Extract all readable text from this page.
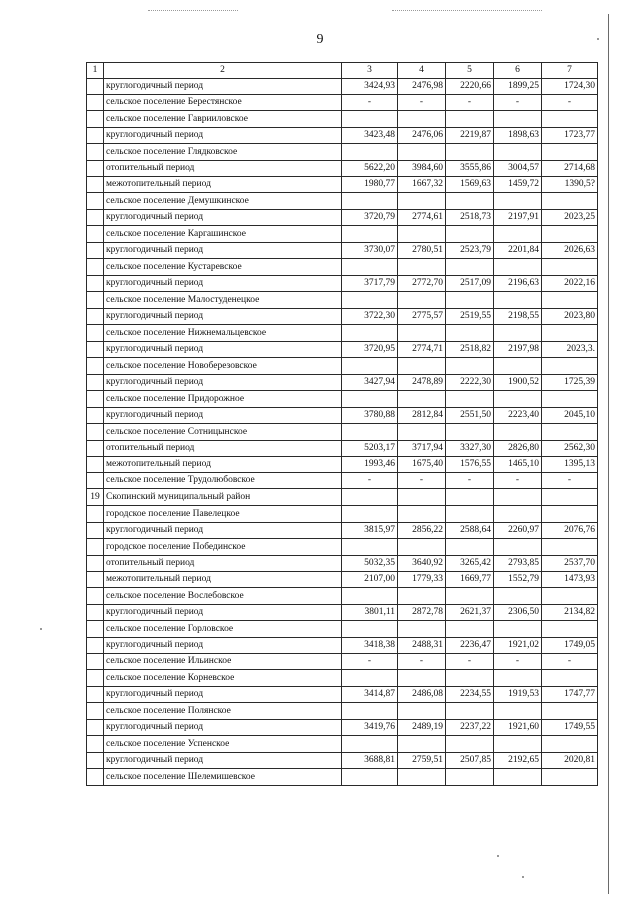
9
1	2	3	4	5	6	7
	круглогодичный период	3424,93	2476,98	2220,66	1899,25	1724,30
	сельское поселение Берестянское	-	-	-	-	-
	сельское поселение Гаврииловское					
	круглогодичный период	3423,48	2476,06	2219,87	1898,63	1723,77
	сельское поселение Глядковское					
	отопительный период	5622,20	3984,60	3555,86	3004,57	2714,68
	межотопительный период	1980,77	1667,32	1569,63	1459,72	1390,5?
	сельское поселение Демушкинское					
	круглогодичный период	3720,79	2774,61	2518,73	2197,91	2023,25
	сельское поселение Каргашинское					
	круглогодичный период	3730,07	2780,51	2523,79	2201,84	2026,63
	сельское поселение Кустаревское					
	круглогодичный период	3717,79	2772,70	2517,09	2196,63	2022,16
	сельское поселение Малостуденецкое					
	круглогодичный период	3722,30	2775,57	2519,55	2198,55	2023,80
	сельское поселение Нижнемальцевское					
	круглогодичный период	3720,95	2774,71	2518,82	2197,98	2023,3.
	сельское поселение Новоберезовское					
	круглогодичный период	3427,94	2478,89	2222,30	1900,52	1725,39
	сельское поселение Придорожное					
	круглогодичный период	3780,88	2812,84	2551,50	2223,40	2045,10
	сельское поселение Сотницынское					
	отопительный период	5203,17	3717,94	3327,30	2826,80	2562,30
	межотопительный период	1993,46	1675,40	1576,55	1465,10	1395,13
	сельское поселение Трудолюбовское	-	-	-	-	-
19	Скопинский муниципальный район					
	городское поселение Павелецкое					
	круглогодичный период	3815,97	2856,22	2588,64	2260,97	2076,76
	городское поселение Побединское					
	отопительный период	5032,35	3640,92	3265,42	2793,85	2537,70
	межотопительный период	2107,00	1779,33	1669,77	1552,79	1473,93
	сельское поселение Вослебовское					
	круглогодичный период	3801,11	2872,78	2621,37	2306,50	2134,82
	сельское поселение Горловское					
	круглогодичный период	3418,38	2488,31	2236,47	1921,02	1749,05
	сельское поселение Ильинское	-	-	-	-	-
	сельское поселение Корневское					
	круглогодичный период	3414,87	2486,08	2234,55	1919,53	1747,77
	сельское поселение Полянское					
	круглогодичный период	3419,76	2489,19	2237,22	1921,60	1749,55
	сельское поселение Успенское					
	круглогодичный период	3688,81	2759,51	2507,85	2192,65	2020,81
	сельское поселение Шелемишевское					
